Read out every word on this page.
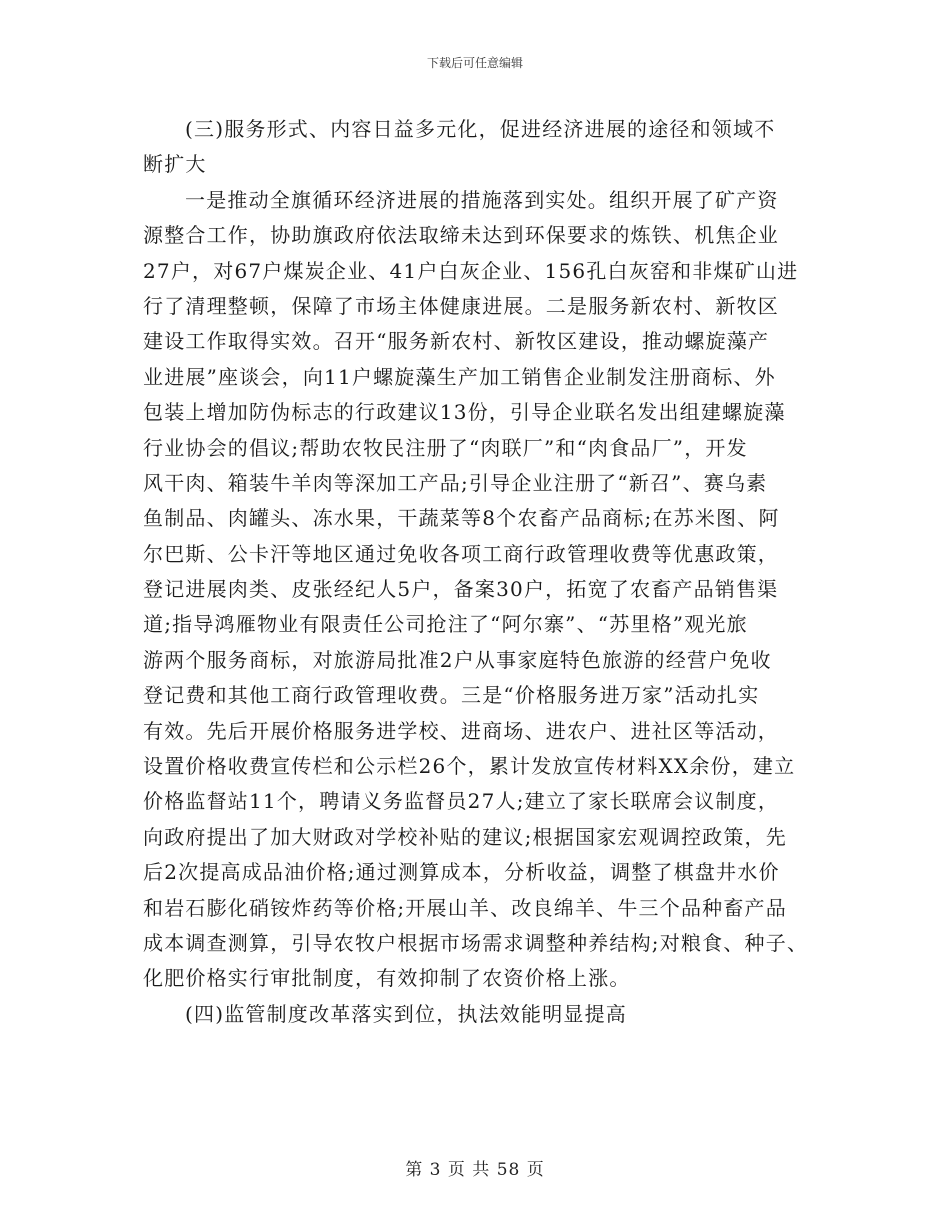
下载后可任意编辑
(三)服务形式、内容日益多元化，促进经济进展的途径和领域不
断扩大
一是推动全旗循环经济进展的措施落到实处。组织开展了矿产资
源整合工作，协助旗政府依法取缔未达到环保要求的炼铁、机焦企业
27户，对67户煤炭企业、41户白灰企业、156孔白灰窑和非煤矿山进
行了清理整顿，保障了市场主体健康进展。二是服务新农村、新牧区
建设工作取得实效。召开“服务新农村、新牧区建设，推动螺旋藻产
业进展”座谈会，向11户螺旋藻生产加工销售企业制发注册商标、外
包装上增加防伪标志的行政建议13份，引导企业联名发出组建螺旋藻
行业协会的倡议;帮助农牧民注册了“肉联厂”和“肉食品厂”，开发
风干肉、箱装牛羊肉等深加工产品;引导企业注册了“新召”、赛乌素
鱼制品、肉罐头、冻水果，干蔬菜等8个农畜产品商标;在苏米图、阿
尔巴斯、公卡汗等地区通过免收各项工商行政管理收费等优惠政策，
登记进展肉类、皮张经纪人5户，备案30户，拓宽了农畜产品销售渠
道;指导鸿雁物业有限责任公司抢注了“阿尔寨”、“苏里格”观光旅
游两个服务商标，对旅游局批准2户从事家庭特色旅游的经营户免收
登记费和其他工商行政管理收费。三是“价格服务进万家”活动扎实
有效。先后开展价格服务进学校、进商场、进农户、进社区等活动，
设置价格收费宣传栏和公示栏26个，累计发放宣传材料XX余份，建立
价格监督站11个，聘请义务监督员27人;建立了家长联席会议制度，
向政府提出了加大财政对学校补贴的建议;根据国家宏观调控政策，先
后2次提高成品油价格;通过测算成本，分析收益，调整了棋盘井水价
和岩石膨化硝铵炸药等价格;开展山羊、改良绵羊、牛三个品种畜产品
成本调查测算，引导农牧户根据市场需求调整种养结构;对粮食、种子、
化肥价格实行审批制度，有效抑制了农资价格上涨。
(四)监管制度改革落实到位，执法效能明显提高
第 3 页 共 58 页
